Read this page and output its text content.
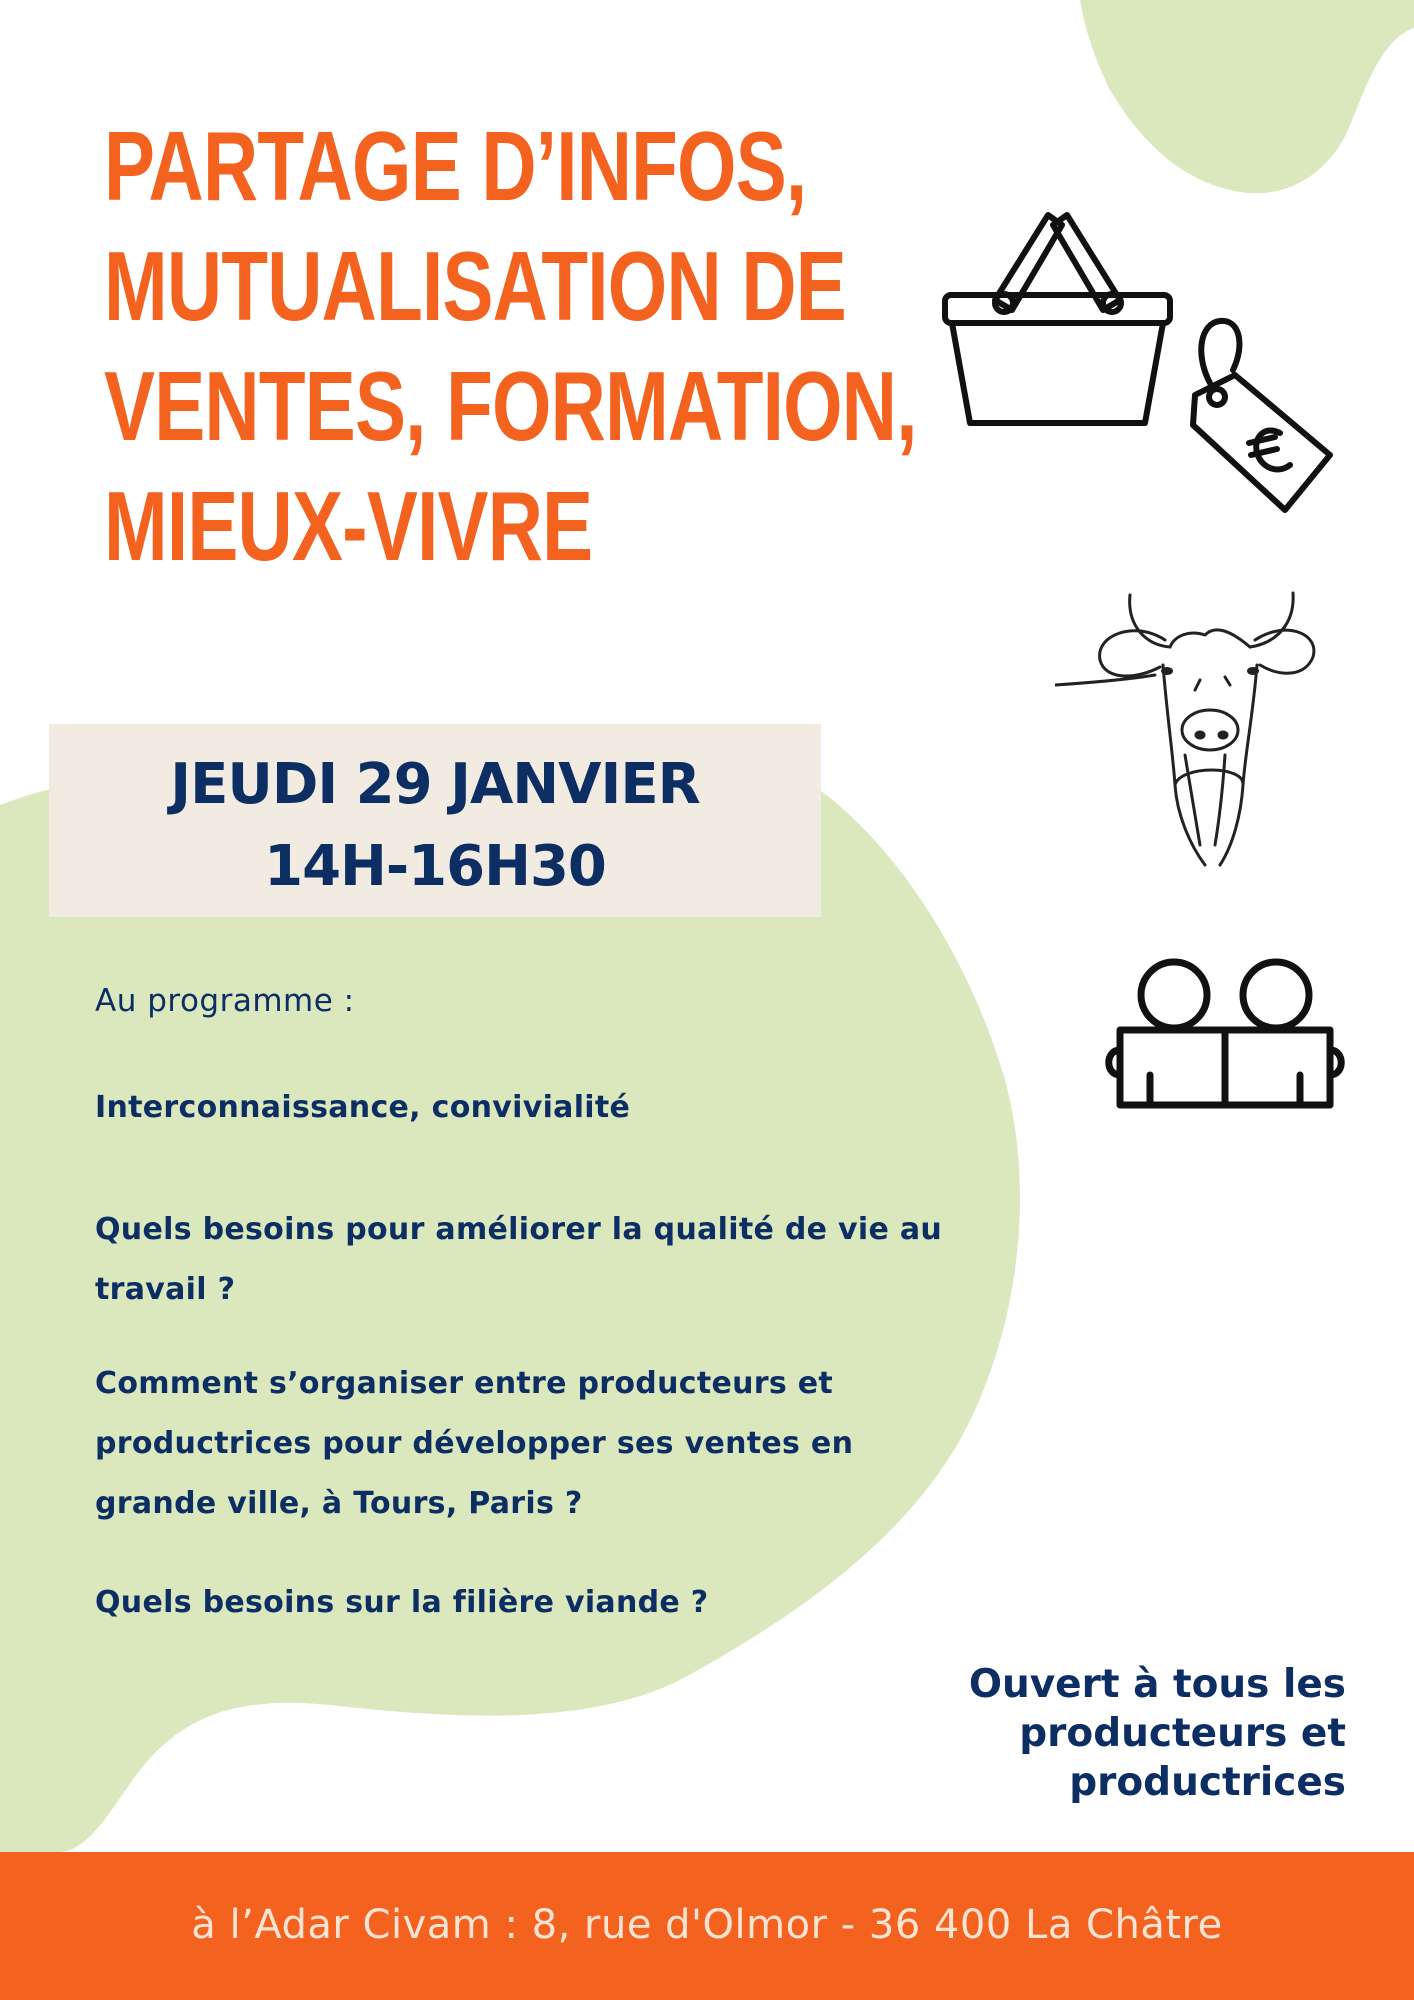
PARTAGE D’INFOS,
MUTUALISATION DE
VENTES, FORMATION,
MIEUX-VIVRE
JEUDI 29 JANVIER
14H-16H30
Au programme :
Interconnaissance, convivialité
Quels besoins pour améliorer la qualité de vie au travail ?
Comment s’organiser entre producteurs et productrices pour développer ses ventes en grande ville, à Tours, Paris ?
Quels besoins sur la filière viande ?
Ouvert à tous les
producteurs et
productrices
à l’Adar Civam : 8, rue d'Olmor - 36 400 La Châtre
